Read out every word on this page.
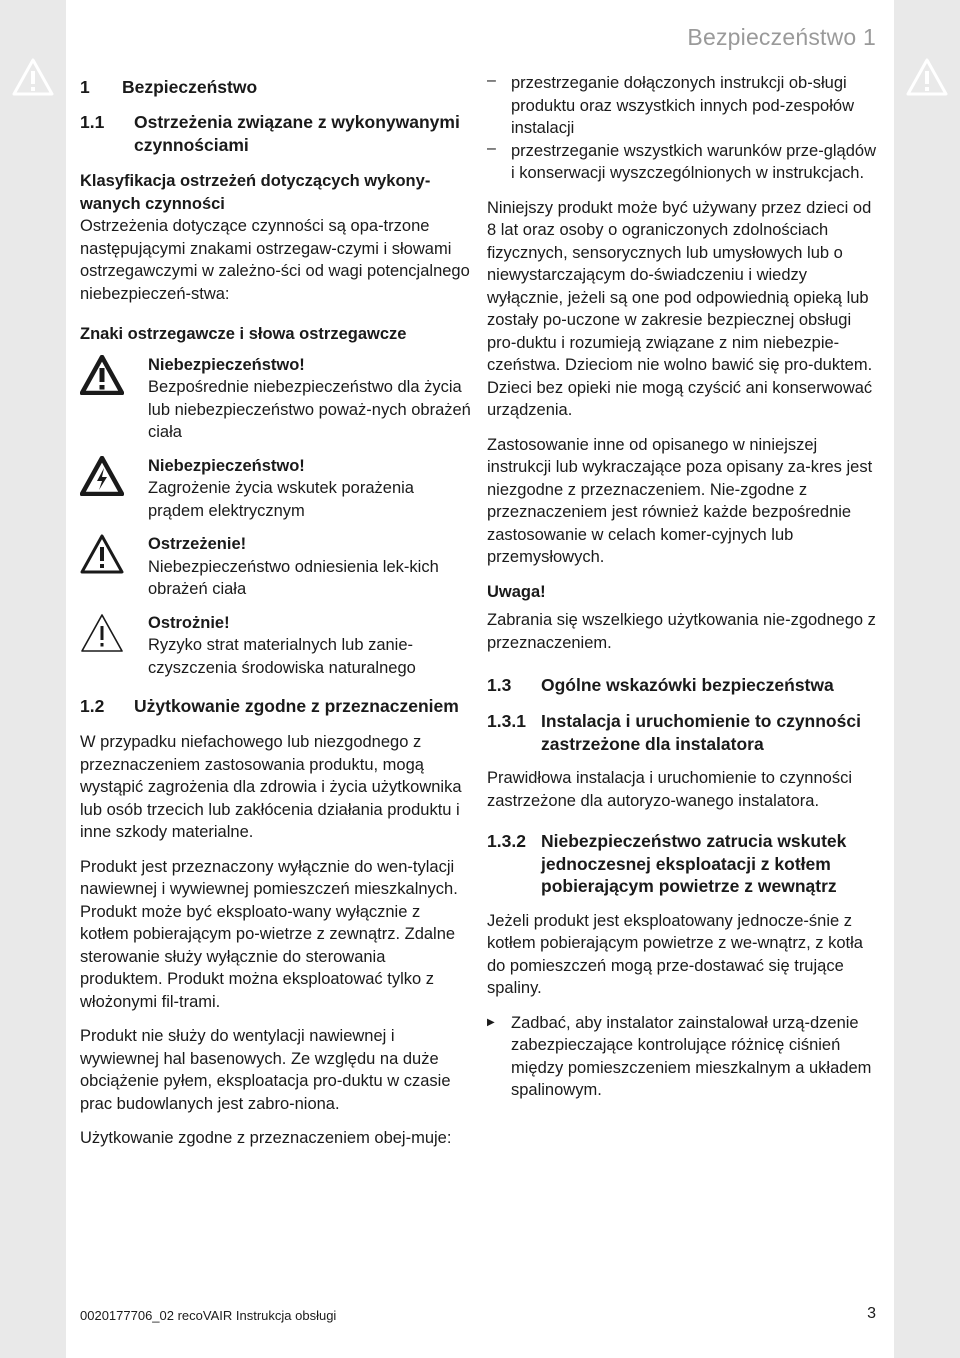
Bezpieczeństwo 1
1	Bezpieczeństwo
1.1	Ostrzeżenia związane z wykonywanymi czynnościami

Klasyfikacja ostrzeżeń dotyczących wykony-wanych czynności

Ostrzeżenia dotyczące czynności są opa-trzone następującymi znakami ostrzegaw-czymi i słowami ostrzegawczymi w zależno-ści od wagi potencjalnego niebezpieczeń-stwa:

Znaki ostrzegawcze i słowa ostrzegawcze

Niebezpieczeństwo!
Bezpośrednie niebezpieczeństwo dla życia lub niebezpieczeństwo poważ-nych obrażeń ciała
Niebezpieczeństwo!
Zagrożenie życia wskutek porażenia prądem elektrycznym
Ostrzeżenie!
Niebezpieczeństwo odniesienia lek-kich obrażeń ciała
Ostrożnie!
Ryzyko strat materialnych lub zanie-czyszczenia środowiska naturalnego
1.2	Użytkowanie zgodne z przeznaczeniem

W przypadku niefachowego lub niezgodnego z przeznaczeniem zastosowania produktu, mogą wystąpić zagrożenia dla zdrowia i życia użytkownika lub osób trzecich lub zakłócenia działania produktu i inne szkody materialne.

Produkt jest przeznaczony wyłącznie do wen-tylacji nawiewnej i wywiewnej pomieszczeń mieszkalnych. Produkt może być eksploato-wany wyłącznie z kotłem pobierającym po-wietrze z zewnątrz. Zdalne sterowanie służy wyłącznie do sterowania produktem. Produkt można eksploatować tylko z włożonymi fil-trami.

Produkt nie służy do wentylacji nawiewnej i wywiewnej hal basenowych. Ze względu na duże obciążenie pyłem, eksploatacja pro-duktu w czasie prac budowlanych jest zabro-niona.

Użytkowanie zgodne z przeznaczeniem obej-muje:

– przestrzeganie dołączonych instrukcji ob-sługi produktu oraz wszystkich innych pod-zespołów instalacji

– przestrzeganie wszystkich warunków prze-glądów i konserwacji wyszczególnionych w instrukcjach.

Niniejszy produkt może być używany przez dzieci od 8 lat oraz osoby o ograniczonych zdolnościach fizycznych, sensorycznych lub umysłowych lub o niewystarczającym do-świadczeniu i wiedzy wyłącznie, jeżeli są one pod odpowiednią opieką lub zostały po-uczone w zakresie bezpiecznej obsługi pro-duktu i rozumieją związane z nim niebezpie-czeństwa. Dzieciom nie wolno bawić się pro-duktem. Dzieci bez opieki nie mogą czyścić ani konserwować urządzenia.

Zastosowanie inne od opisanego w niniejszej instrukcji lub wykraczające poza opisany za-kres jest niezgodne z przeznaczeniem. Nie-zgodne z przeznaczeniem jest również każde bezpośrednie zastosowanie w celach komer-cyjnych lub przemysłowych.

Uwaga!

Zabrania się wszelkiego użytkowania nie-zgodnego z przeznaczeniem.

1.3	Ogólne wskazówki bezpieczeństwa
1.3.1 Instalacja i uruchomienie to czynności zastrzeżone dla instalatora

Prawidłowa instalacja i uruchomienie to czynności zastrzeżone dla autoryzo-wanego instalatora.

1.3.2 Niebezpieczeństwo zatrucia wskutek jednoczesnej eksploatacji z kotłem pobierającym powietrze z wewnątrz

Jeżeli produkt jest eksploatowany jednocze-śnie z kotłem pobierającym powietrze z we-wnątrz, z kotła do pomieszczeń mogą prze-dostawać się trujące spaliny.

▶ Zadbać, aby instalator zainstalował urzą-dzenie zabezpieczające kontrolujące różnicę ciśnień między pomieszczeniem mieszkalnym a układem spalinowym.

0020177706_02 recoVAIR Instrukcja obsługi	3
